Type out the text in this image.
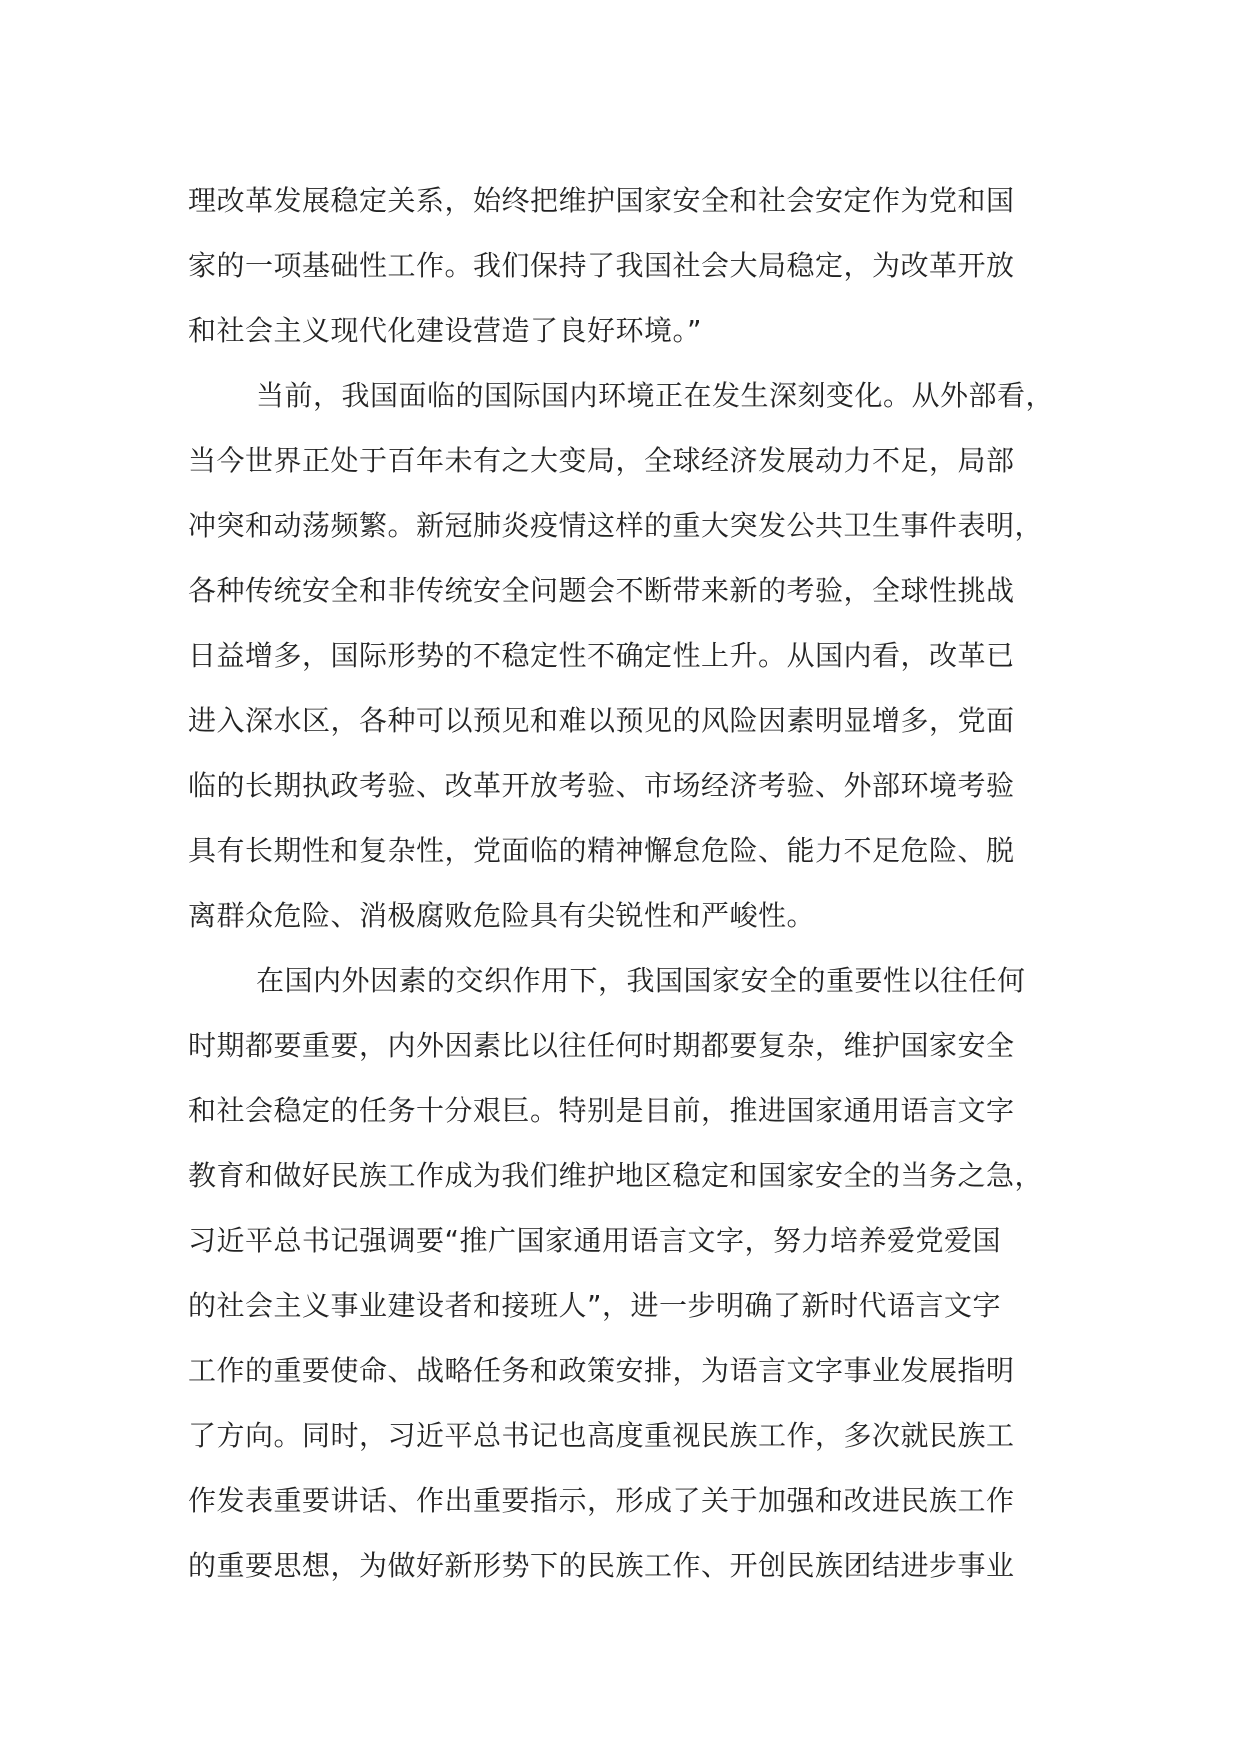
理改革发展稳定关系，始终把维护国家安全和社会安定作为党和国
家的一项基础性工作。我们保持了我国社会大局稳定，为改革开放
和社会主义现代化建设营造了良好环境。”
当前，我国面临的国际国内环境正在发生深刻变化。从外部看，
当今世界正处于百年未有之大变局，全球经济发展动力不足，局部
冲突和动荡频繁。新冠肺炎疫情这样的重大突发公共卫生事件表明，
各种传统安全和非传统安全问题会不断带来新的考验，全球性挑战
日益增多，国际形势的不稳定性不确定性上升。从国内看，改革已
进入深水区，各种可以预见和难以预见的风险因素明显增多，党面
临的长期执政考验、改革开放考验、市场经济考验、外部环境考验
具有长期性和复杂性，党面临的精神懈怠危险、能力不足危险、脱
离群众危险、消极腐败危险具有尖锐性和严峻性。
在国内外因素的交织作用下，我国国家安全的重要性以往任何
时期都要重要，内外因素比以往任何时期都要复杂，维护国家安全
和社会稳定的任务十分艰巨。特别是目前，推进国家通用语言文字
教育和做好民族工作成为我们维护地区稳定和国家安全的当务之急，
习近平总书记强调要“推广国家通用语言文字，努力培养爱党爱国
的社会主义事业建设者和接班人”，进一步明确了新时代语言文字
工作的重要使命、战略任务和政策安排，为语言文字事业发展指明
了方向。同时，习近平总书记也高度重视民族工作，多次就民族工
作发表重要讲话、作出重要指示，形成了关于加强和改进民族工作
的重要思想，为做好新形势下的民族工作、开创民族团结进步事业
